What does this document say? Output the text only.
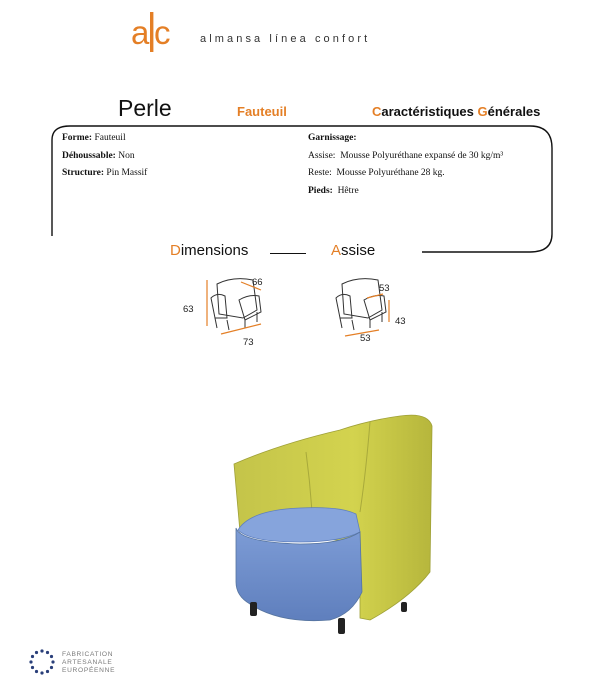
a c	almansa línea confort
Perle	Fauteuil	Caractéristiques Générales
Forme: Fauteuil
Déhoussable: Non
Structure: Pin Massif
Garnissage:
Assise: Mousse Polyuréthane expansé de 30 kg/m³
Reste: Mousse Polyuréthane 28 kg.
Pieds: Hêtre
Dimensions	Assise
66
63
73
53
43
53
FABRICATION
ARTESANALE
EUROPÉENNE
